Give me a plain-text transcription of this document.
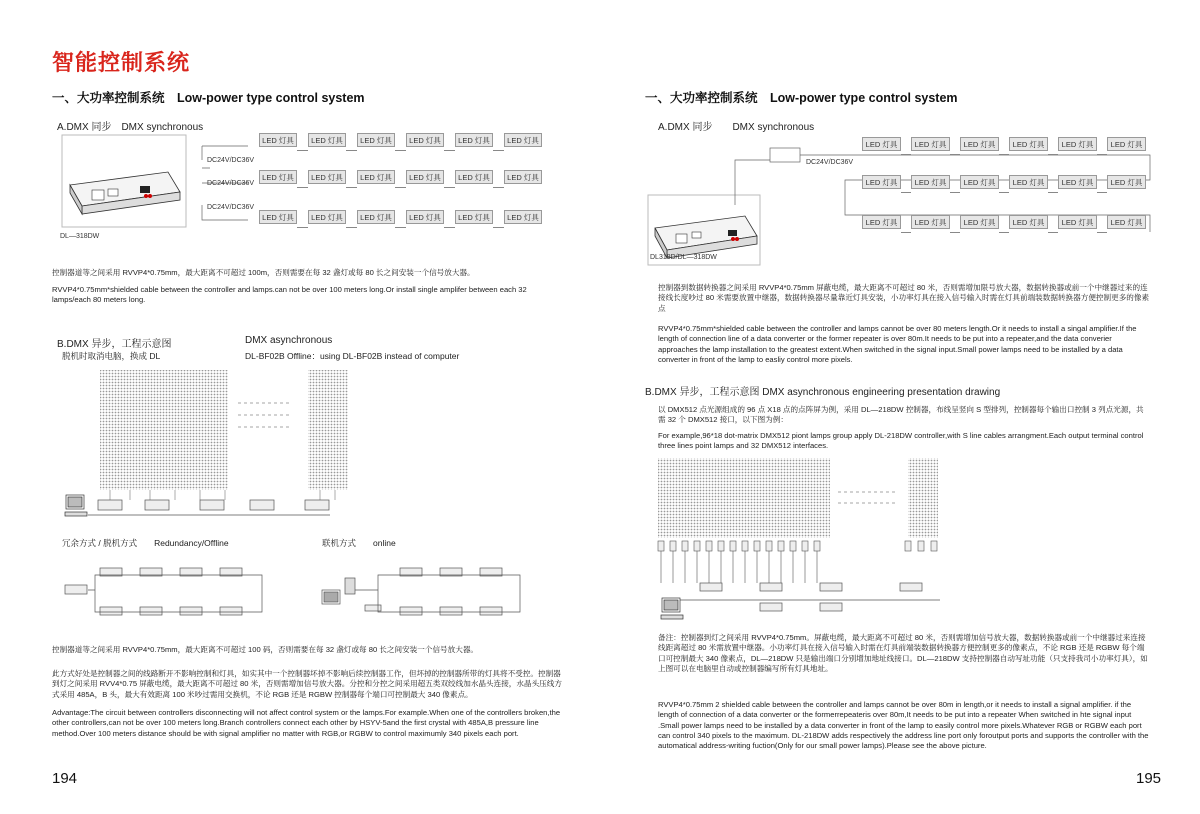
智能控制系统
一、大功率控制系统　Low-power type control system
A.DMX 同步　DMX synchronous
DC24V/DC36V
DC24V/DC36V
DC24V/DC36V
DL—318DW
LED 灯具	LED 灯具	LED 灯具	LED 灯具	LED 灯具	LED 灯具
LED 灯具	LED 灯具	LED 灯具	LED 灯具	LED 灯具	LED 灯具
LED 灯具	LED 灯具	LED 灯具	LED 灯具	LED 灯具	LED 灯具
控制器道等之间采用 RVVP4*0.75mm，最大距离不可超过 100m，否则需要在每 32 盏灯或每 80 长之间安装一个信号放大器。
RVVP4*0.75mm*shielded cable between the controller and lamps.can not be over 100 meters long.Or install single amplifer between each 32 lamps/each 80 meters long.
B.DMX 异步，工程示意图
脱机时取消电脑，换成 DL
DMX asynchronous
DL-BF02B Offline：using DL-BF02B instead of computer
冗余方式 / 脱机方式　　Redundancy/Offline	联机方式　　online
控制器道等之间采用 RVVP4*0.75mm，最大距离不可超过 100 码，否则需要在每 32 盏灯或每 80 长之间安装一个信号放大器。
此方式好处是控制器之间的线路断开不影响控制和灯具，如实其中一个控制器坏掉不影响后续控制器工作，但坏掉的控制器所带的灯具将不受控。控制器到灯之间采用 RVV4*0.75 屏蔽电缆，最大距离不可超过 80 米，否则需增加信号放大器。分控和分控之间采用超五类双绞线加水晶头连接，水晶头压线方式采用 485A，B 头，最大有效距离 100 米吵过需用交换机，不论 RGB 还是 RGBW 控制器每个端口可控制最大 340 像素点。
Advantage:The circuit between controllers disconnecting will not affect control system or the lamps.For example.When one of the controllers broken,the other controllers,can not be over 100 meters long.Branch controllers connect each other by HSYV-5and the first crystal with 485A,B pressure line method.Over 100 meters distance should be with signal amplifier no matter with RGB,or RGBW to control maximumly 340 pixels each port.
194
一、大功率控制系统　Low-power type control system
A.DMX 同步　　DMX synchronous
DC24V/DC36V
DL318D/DL—318DW
LED 灯具	LED 灯具	LED 灯具	LED 灯具	LED 灯具	LED 灯具
LED 灯具	LED 灯具	LED 灯具	LED 灯具	LED 灯具	LED 灯具
LED 灯具	LED 灯具	LED 灯具	LED 灯具	LED 灯具	LED 灯具
控制器到数据转换器之间采用 RVVP4*0.75mm 屏蔽电缆，最大距离不可超过 80 米，否则需增加限号放大器，数据转换器或前一个中继器过来的连接线长度吵过 80 米需要放置中继器，数据转换器尽量靠近灯具安装，小功率灯具在接入信号输入时需在灯具前端装数据转换器方便控制更多的像素点
RVVP4*0.75mm*shielded cable between the controller and lamps cannot be over 80 meters length.Or it needs to install a singal amplifier.If the length of connection line of a data converter or the former repeater is over 80m.It needs to be put into a repeater,and the data converier approaches the lamp installation to the greatest extent.When switched in the signal input.Small power lamps need to be installed by a data converter in front of the lamp to easliy control more pixels.
B.DMX 异步，工程示意图 DMX asynchronous engineering presentation drawing
以 DMX512 点光源组成的 96 点 X18 点的点阵屏为例，采用 DL—218DW 控制器，布线呈竖向 S 型排列，控制器每个输出口控制 3 列点光源，共需 32 个 DMX512 接口，以下图为例：
For example,96*18 dot-matrix DMX512 piont lamps group apply DL-218DW controller,with S line cables arrangment.Each output terminal control three lines point lamps and 32 DMX512 interfaces.
备注：控制器到灯之间采用 RVVP4*0.75mm。屏蔽电缆，最大距离不可超过 80 米，否则需增加信号放大器，数据转换器或前一个中继器过来连接线距离超过 80 米需放置中继器。小功率灯具在接入信号输入时需在灯具前端装数据转换器方便控制更多的像素点，不论 RGB 还是 RGBW 每个端口可控制最大 340 像素点，DL—218DW 只是输出端口分别增加地址线接口。DL—218DW 支持控制器自动写址功能（只支持我司小功率灯具），如上图可以在电脑里自动或控制器编写所有灯具地址。
RVVP4*0.75mm 2 shielded cable between the controller and lamps cannot be over 80m in length,or it needs to install a signal amplifier. if the length of connection of a data converter or the formerrepeateris over 80m,It needs to be put into a repeater When switched in hte signal input .Small power lamps need to be installed by a data converter in front of the lamp to easily control more pixels.Whatever RGB or RGBW each port can control 340 pixels to the maximum. DL-218DW adds respectively the address line port only foroutput ports and supports the controller with the automatical address-writing fuction(Only for our small power lamps).Please see the above picture.
195
